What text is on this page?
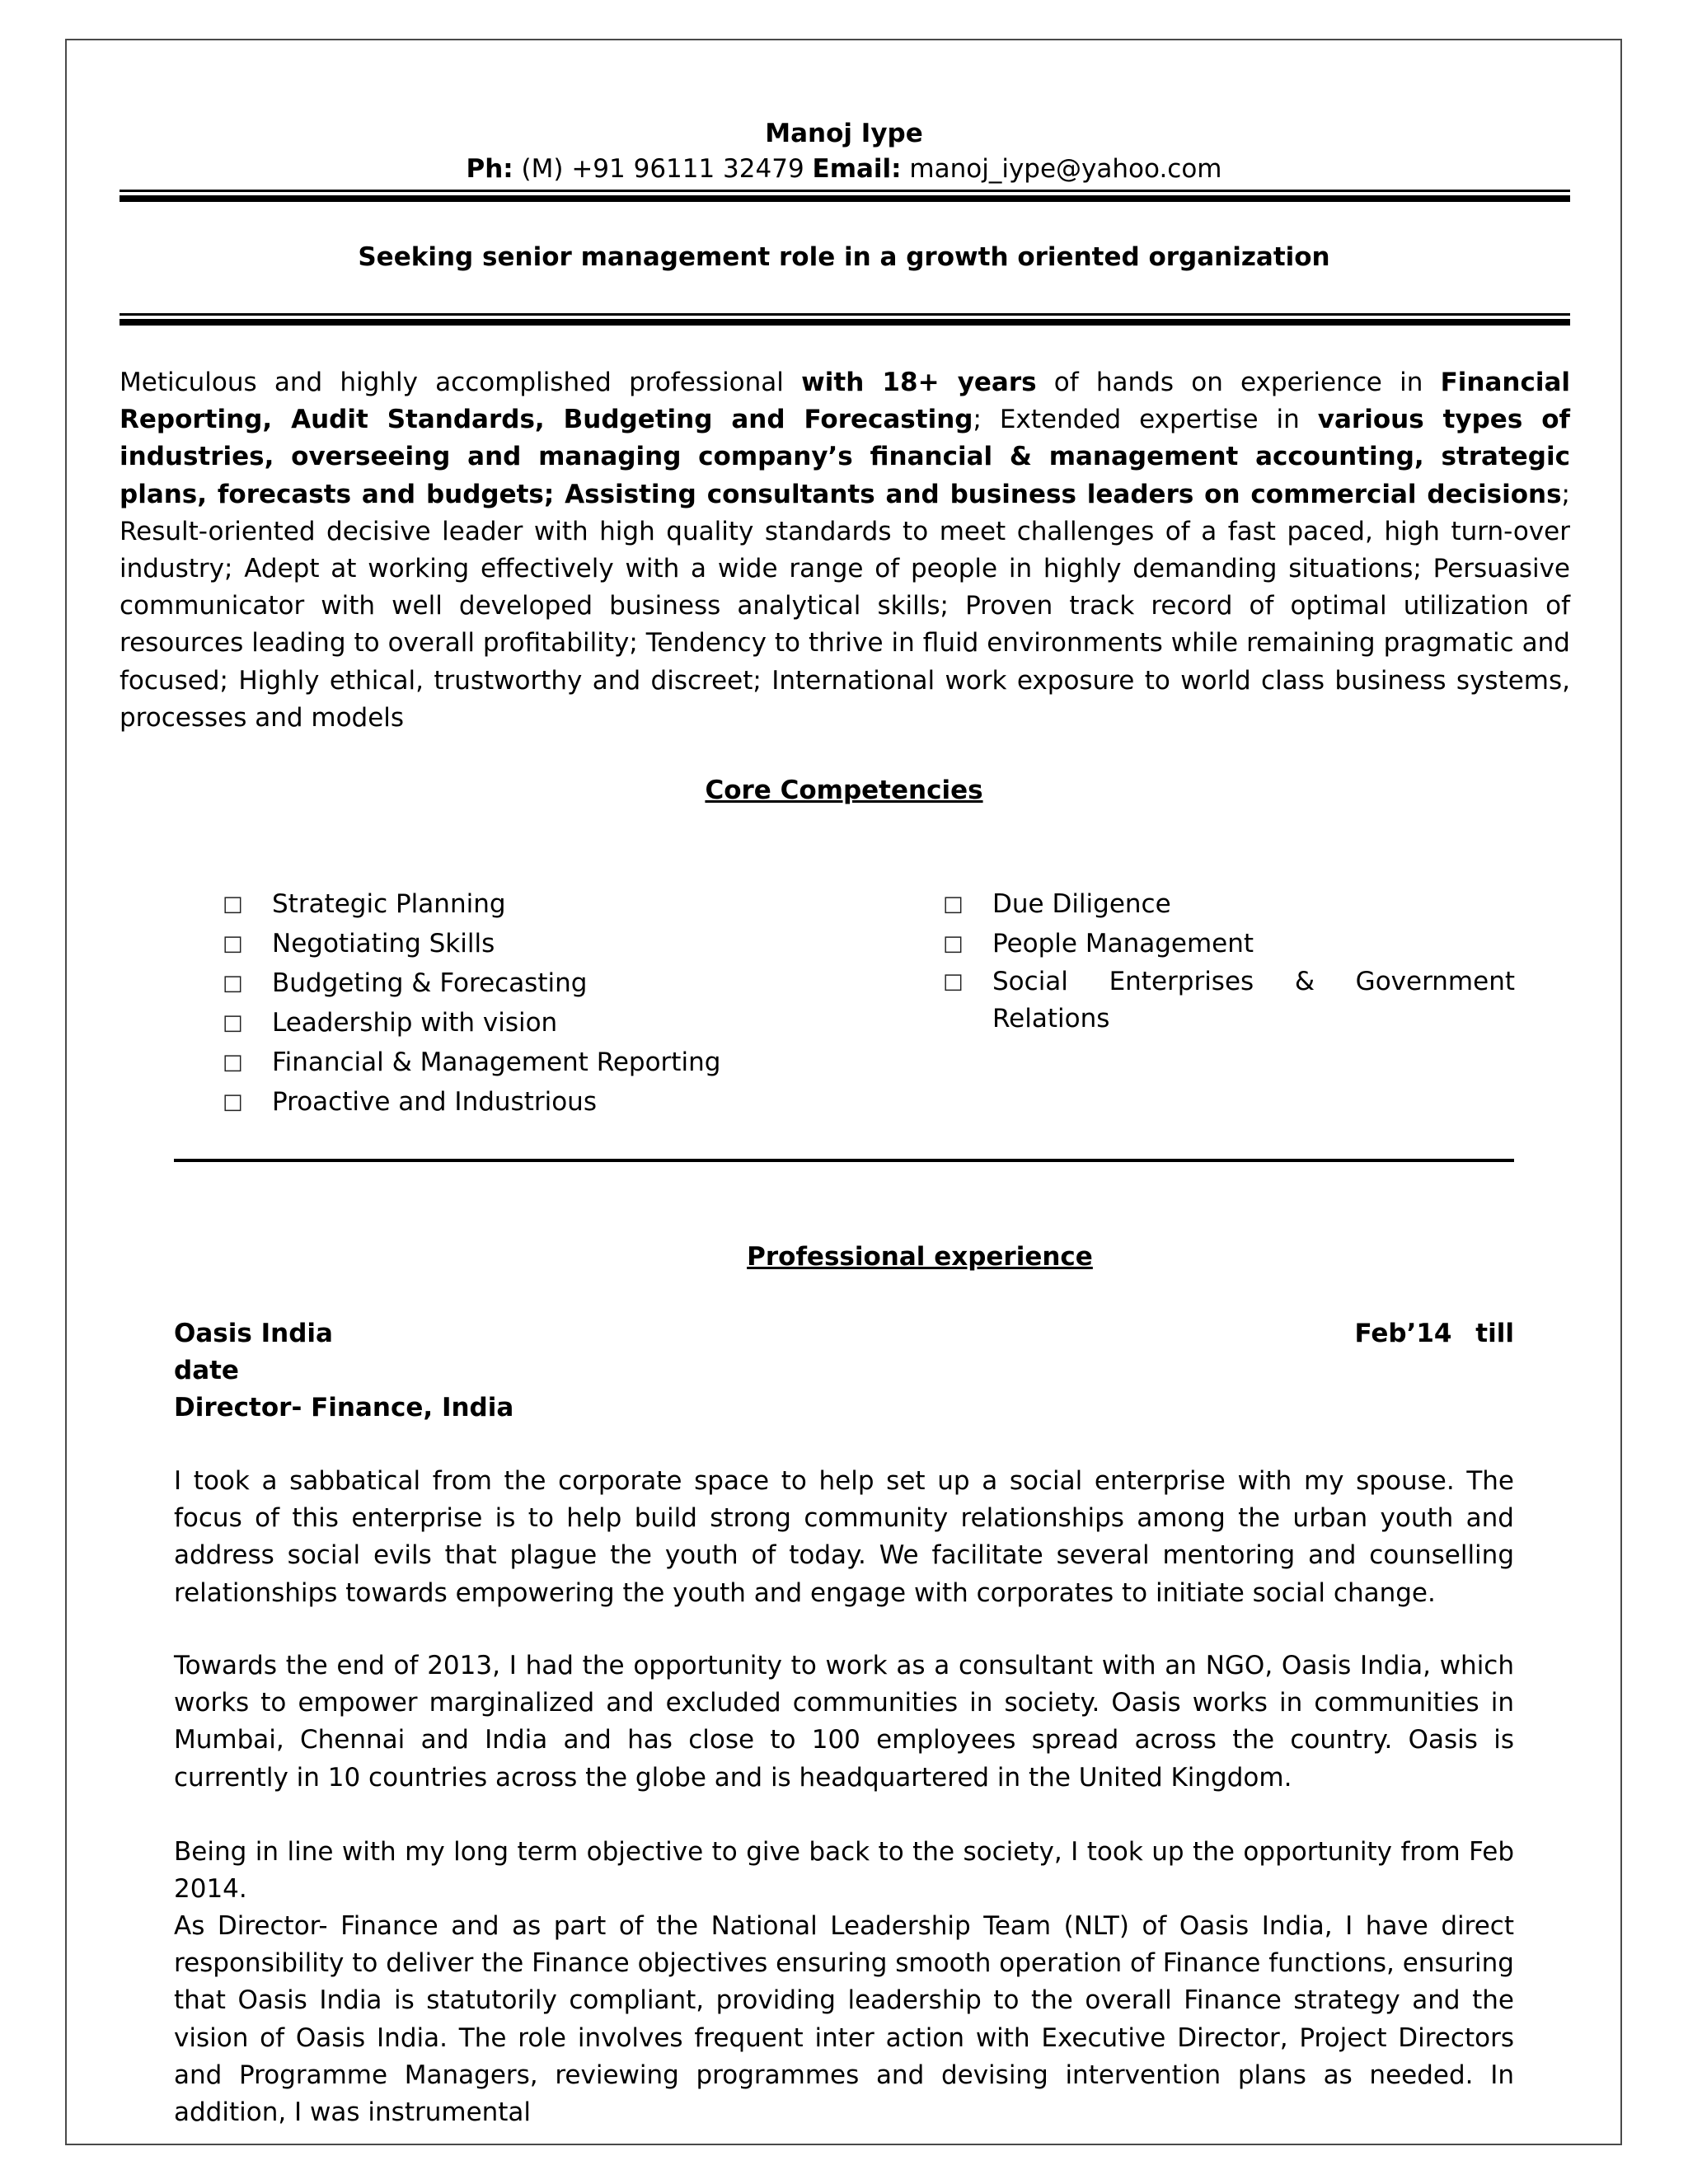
Manoj Iype
Ph: (M) +91 96111 32479 Email: manoj_iype@yahoo.com
Seeking senior management role in a growth oriented organization

Meticulous and highly accomplished professional with 18+ years of hands on experience in Financial Reporting, Audit Standards, Budgeting and Forecasting; Extended expertise in various types of industries, overseeing and managing company’s financial & management accounting, strategic plans, forecasts and budgets; Assisting consultants and business leaders on commercial decisions; Result-oriented decisive leader with high quality standards to meet challenges of a fast paced, high turn-over industry; Adept at working effectively with a wide range of people in highly demanding situations; Persuasive communicator with well developed business analytical skills; Proven track record of optimal utilization of resources leading to overall profitability; Tendency to thrive in fluid environments while remaining pragmatic and focused; Highly ethical, trustworthy and discreet; International work exposure to world class business systems, processes and models

Core Competencies
□	Strategic Planning
□	Negotiating Skills
□	Budgeting & Forecasting
□	Leadership with vision
□	Financial & Management Reporting
□	Proactive and Industrious
□	Due Diligence
□	People Management
□	Social Enterprises & Government Relations
Professional experience
Oasis India	Feb’14 till
date
Director- Finance, India

I took a sabbatical from the corporate space to help set up a social enterprise with my spouse. The focus of this enterprise is to help build strong community relationships among the urban youth and address social evils that plague the youth of today. We facilitate several mentoring and counselling relationships towards empowering the youth and engage with corporates to initiate social change.

Towards the end of 2013, I had the opportunity to work as a consultant with an NGO, Oasis India, which works to empower marginalized and excluded communities in society. Oasis works in communities in Mumbai, Chennai and India and has close to 100 employees spread across the country. Oasis is currently in 10 countries across the globe and is headquartered in the United Kingdom.

Being in line with my long term objective to give back to the society, I took up the opportunity from Feb 2014.

As Director- Finance and as part of the National Leadership Team (NLT) of Oasis India, I have direct responsibility to deliver the Finance objectives ensuring smooth operation of Finance functions, ensuring that Oasis India is statutorily compliant, providing leadership to the overall Finance strategy and the vision of Oasis India. The role involves frequent inter action with Executive Director, Project Directors and Programme Managers, reviewing programmes and devising intervention plans as needed. In addition, I was instrumental
